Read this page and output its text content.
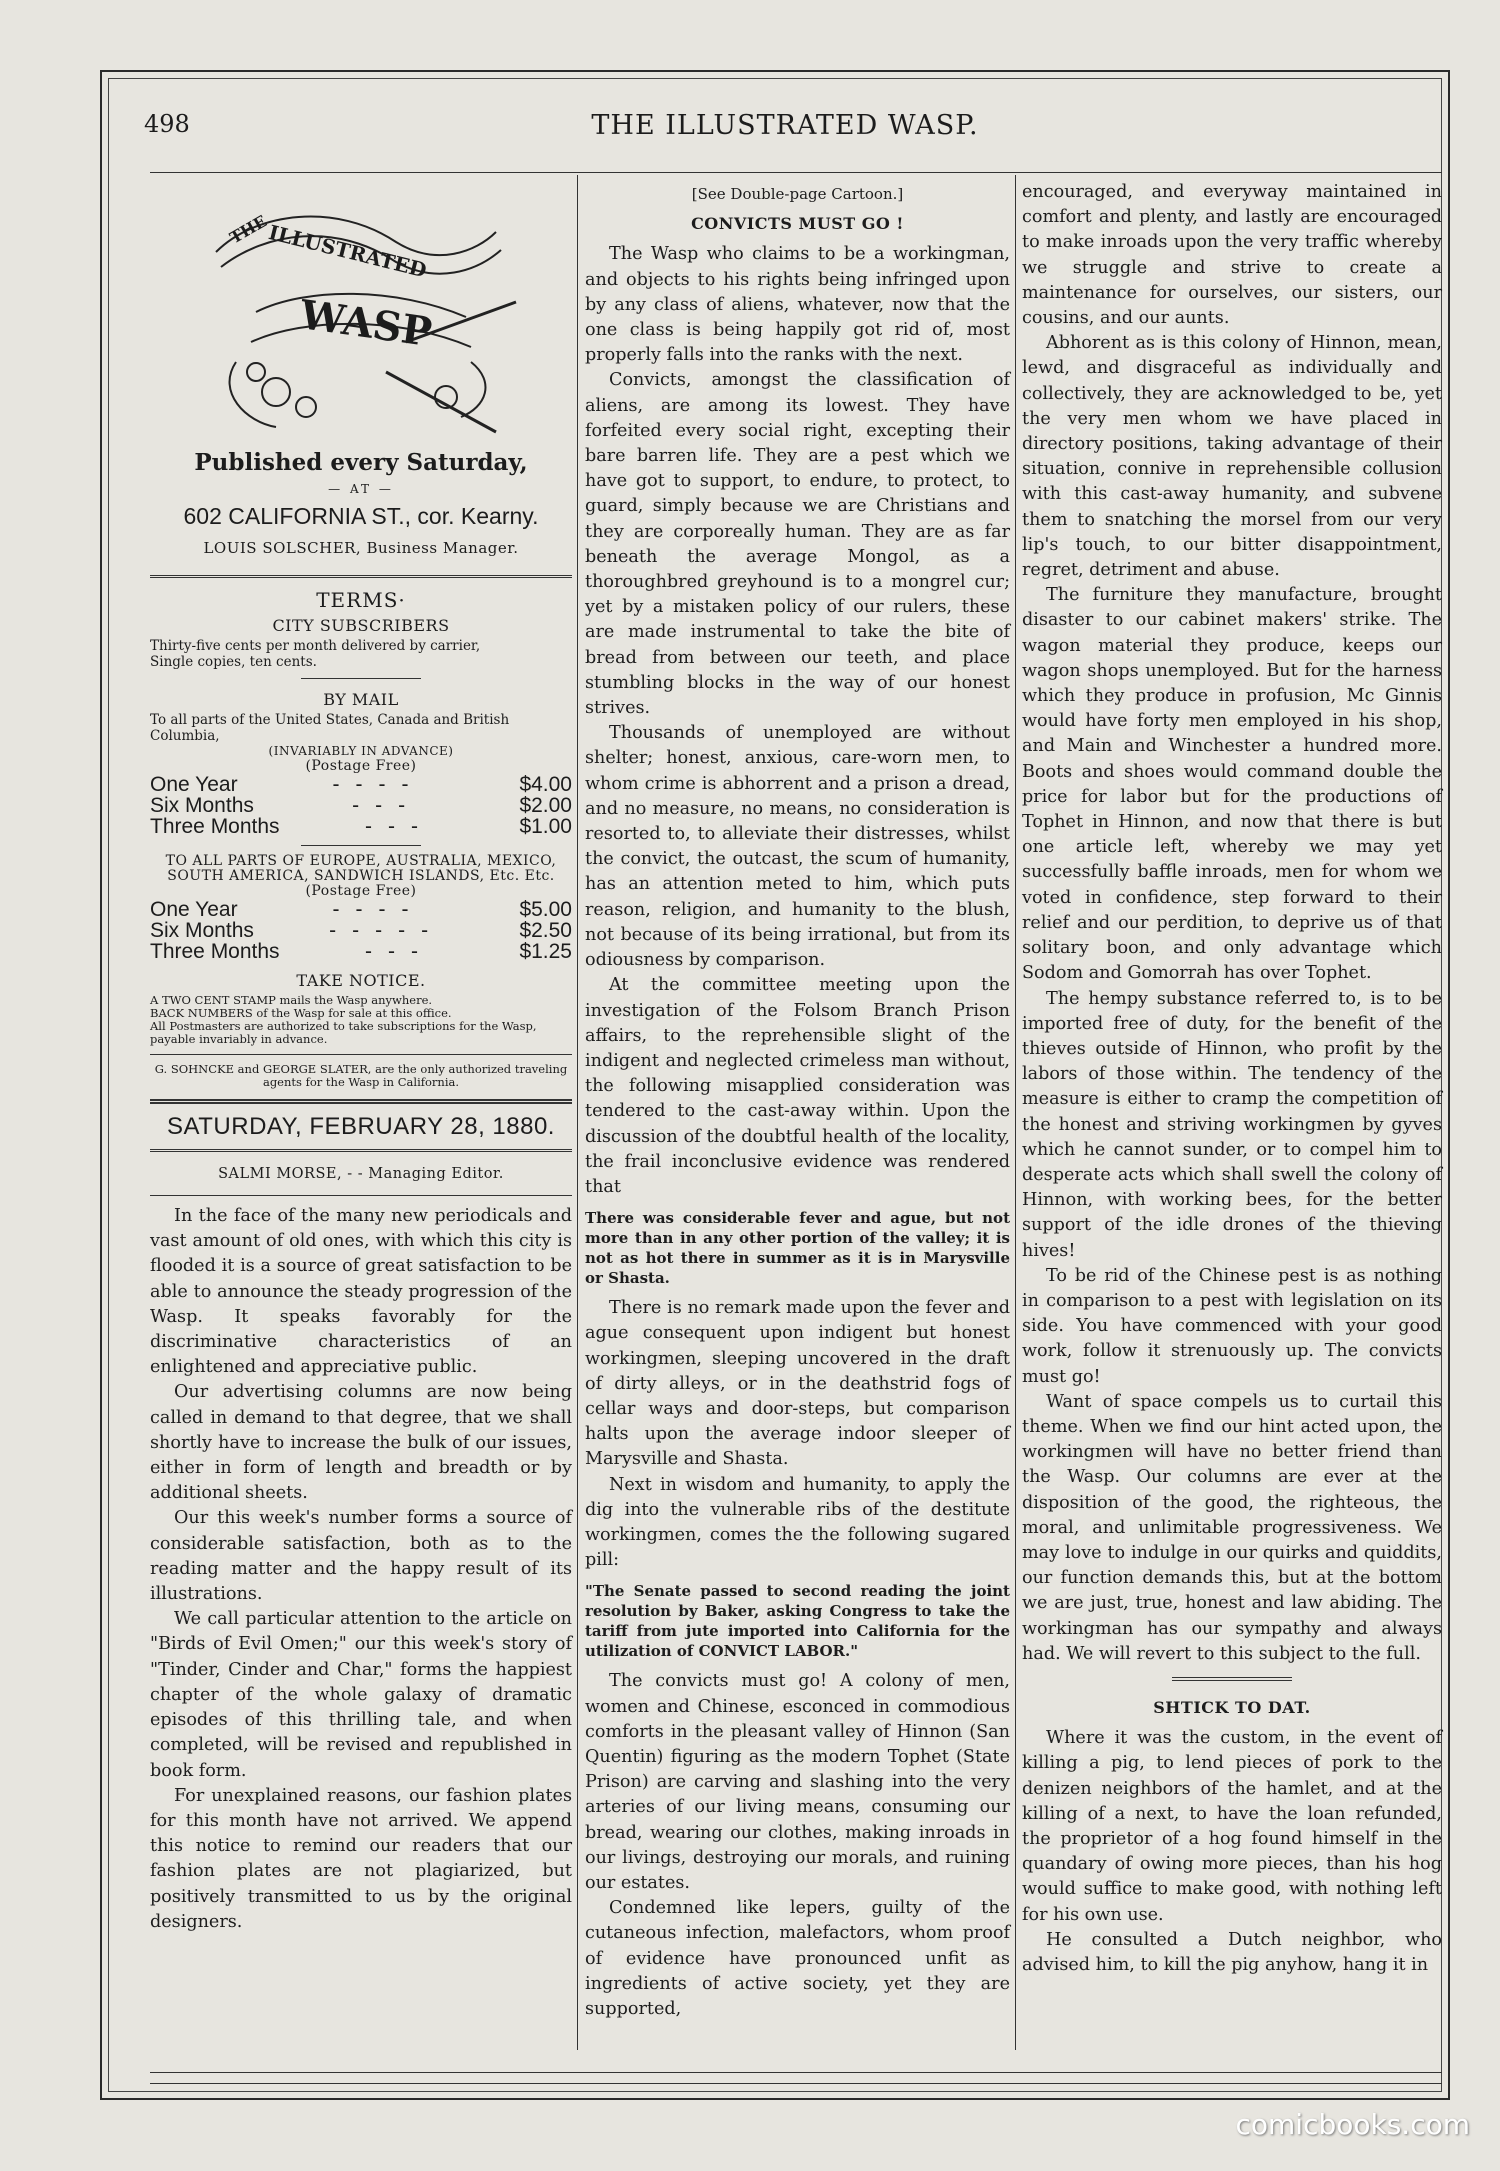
498	THE ILLUSTRATED WASP.
ILLUSTRATED
WASP
THE
Published every Saturday,
— AT —
602 CALIFORNIA ST., cor. Kearny.
LOUIS SOLSCHER, Business Manager.
TERMS·
CITY SUBSCRIBERS
Thirty-five cents per month delivered by carrier,
Single copies, ten cents.
BY MAIL
To all parts of the United States, Canada and British Columbia,
(INVARIABLY IN ADVANCE)
(Postage Free)
One Year	----	$4.00
Six Months	---	$2.00
Three Months	---	$1.00
TO ALL PARTS OF EUROPE, AUSTRALIA, MEXICO, SOUTH AMERICA, SANDWICH ISLANDS, Etc. Etc.
(Postage Free)
One Year	----	$5.00
Six Months	-----	$2.50
Three Months	---	$1.25
TAKE NOTICE.
A TWO CENT STAMP mails the Wasp anywhere.
BACK NUMBERS of the Wasp for sale at this office.
All Postmasters are authorized to take subscriptions for the Wasp, payable invariably in advance.
G. SOHNCKE and GEORGE SLATER, are the only authorized traveling agents for the Wasp in California.
SATURDAY, FEBRUARY 28, 1880.
SALMI MORSE, - - Managing Editor.

In the face of the many new periodicals and vast amount of old ones, with which this city is flooded it is a source of great satisfaction to be able to announce the steady progression of the Wasp. It speaks favorably for the discriminative characteristics of an enlightened and appreciative public.

Our advertising columns are now being called in demand to that degree, that we shall shortly have to increase the bulk of our issues, either in form of length and breadth or by additional sheets.

Our this week's number forms a source of considerable satisfaction, both as to the reading matter and the happy result of its illustrations.

We call particular attention to the article on "Birds of Evil Omen;" our this week's story of "Tinder, Cinder and Char," forms the happiest chapter of the whole galaxy of dramatic episodes of this thrilling tale, and when completed, will be revised and republished in book form.

For unexplained reasons, our fashion plates for this month have not arrived. We append this notice to remind our readers that our fashion plates are not plagiarized, but positively transmitted to us by the original designers.

[See Double-page Cartoon.]
CONVICTS MUST GO !

The Wasp who claims to be a workingman, and objects to his rights being infringed upon by any class of aliens, whatever, now that the one class is being happily got rid of, most properly falls into the ranks with the next.

Convicts, amongst the classification of aliens, are among its lowest. They have forfeited every social right, excepting their bare barren life. They are a pest which we have got to support, to endure, to protect, to guard, simply because we are Christians and they are corporeally human. They are as far beneath the average Mongol, as a thoroughbred greyhound is to a mongrel cur; yet by a mistaken policy of our rulers, these are made instrumental to take the bite of bread from between our teeth, and place stumbling blocks in the way of our honest strives.

Thousands of unemployed are without shelter; honest, anxious, care-worn men, to whom crime is abhorrent and a prison a dread, and no measure, no means, no consideration is resorted to, to alleviate their distresses, whilst the convict, the outcast, the scum of humanity, has an attention meted to him, which puts reason, religion, and humanity to the blush, not because of its being irrational, but from its odiousness by comparison.

At the committee meeting upon the investigation of the Folsom Branch Prison affairs, to the reprehensible slight of the indigent and neglected crimeless man without, the following misapplied consideration was tendered to the cast-away within. Upon the discussion of the doubtful health of the locality, the frail inconclusive evidence was rendered that

There was considerable fever and ague, but not more than in any other portion of the valley; it is not as hot there in summer as it is in Marysville or Shasta.

There is no remark made upon the fever and ague consequent upon indigent but honest workingmen, sleeping uncovered in the draft of dirty alleys, or in the deathstrid fogs of cellar ways and door-steps, but comparison halts upon the average indoor sleeper of Marysville and Shasta.

Next in wisdom and humanity, to apply the dig into the vulnerable ribs of the destitute workingmen, comes the the following sugared pill:

"The Senate passed to second reading the joint resolution by Baker, asking Congress to take the tariff from jute imported into California for the utilization of CONVICT LABOR."

The convicts must go! A colony of men, women and Chinese, esconced in commodious comforts in the pleasant valley of Hinnon (San Quentin) figuring as the modern Tophet (State Prison) are carving and slashing into the very arteries of our living means, consuming our bread, wearing our clothes, making inroads in our livings, destroying our morals, and ruining our estates.

Condemned like lepers, guilty of the cutaneous infection, malefactors, whom proof of evidence have pronounced unfit as ingredients of active society, yet they are supported,

encouraged, and everyway maintained in comfort and plenty, and lastly are encouraged to make inroads upon the very traffic whereby we struggle and strive to create a maintenance for ourselves, our sisters, our cousins, and our aunts.

Abhorent as is this colony of Hinnon, mean, lewd, and disgraceful as individually and collectively, they are acknowledged to be, yet the very men whom we have placed in directory positions, taking advantage of their situation, connive in reprehensible collusion with this cast-away humanity, and subvene them to snatching the morsel from our very lip's touch, to our bitter disappointment, regret, detriment and abuse.

The furniture they manufacture, brought disaster to our cabinet makers' strike. The wagon material they produce, keeps our wagon shops unemployed. But for the harness which they produce in profusion, Mc Ginnis would have forty men employed in his shop, and Main and Winchester a hundred more. Boots and shoes would command double the price for labor but for the productions of Tophet in Hinnon, and now that there is but one article left, whereby we may yet successfully baffle inroads, men for whom we voted in confidence, step forward to their relief and our perdition, to deprive us of that solitary boon, and only advantage which Sodom and Gomorrah has over Tophet.

The hempy substance referred to, is to be imported free of duty, for the benefit of the thieves outside of Hinnon, who profit by the labors of those within. The tendency of the measure is either to cramp the competition of the honest and striving workingmen by gyves which he cannot sunder, or to compel him to desperate acts which shall swell the colony of Hinnon, with working bees, for the better support of the idle drones of the thieving hives!

To be rid of the Chinese pest is as nothing in comparison to a pest with legislation on its side. You have commenced with your good work, follow it strenuously up. The convicts must go!

Want of space compels us to curtail this theme. When we find our hint acted upon, the workingmen will have no better friend than the Wasp. Our columns are ever at the disposition of the good, the righteous, the moral, and unlimitable progressiveness. We may love to indulge in our quirks and quiddits, our function demands this, but at the bottom we are just, true, honest and law abiding. The workingman has our sympathy and always had. We will revert to this subject to the full.

SHTICK TO DAT.

Where it was the custom, in the event of killing a pig, to lend pieces of pork to the denizen neighbors of the hamlet, and at the killing of a next, to have the loan refunded, the proprietor of a hog found himself in the quandary of owing more pieces, than his hog would suffice to make good, with nothing left for his own use.

He consulted a Dutch neighbor, who advised him, to kill the pig anyhow, hang it in

comicbooks.com
